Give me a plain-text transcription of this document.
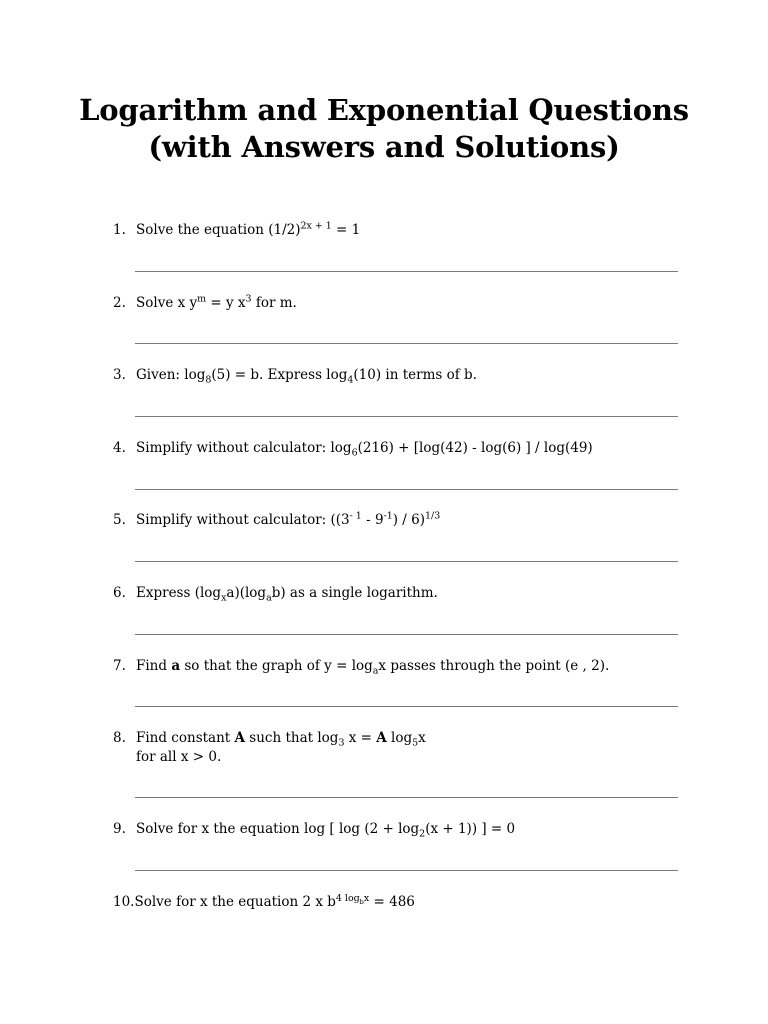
Logarithm and Exponential Questions
(with Answers and Solutions)
1. Solve the equation $(1/2)^{2x + 1} = 1$
2. Solve x $y^m = y$ $x^3$ for m.
3. Given: $\log_8(5) = b$. Express $\log_4(10)$ in terms of b.
4. Simplify without calculator: $\log_6(216) + [\log(42) - \log(6)$ ] / log(49)
5. Simplify without calculator: $((3^{- 1} - 9^{-1}) / 6)^{1/3}$
6. Express $(\log_xa)(\log_ab)$ as a single logarithm.
7. Find a so that the graph of $y = \log_ax$ passes through the point (e , 2).
8. Find constant A such that $\log_3 x = A$ $\log_5x$
for all x > 0.
9. Solve for x the equation log [ $\log (2 + \log_2(x + 1))$ ] = 0
10.Solve for x the equation 2 x $b^{4 log_bx} = 486$
